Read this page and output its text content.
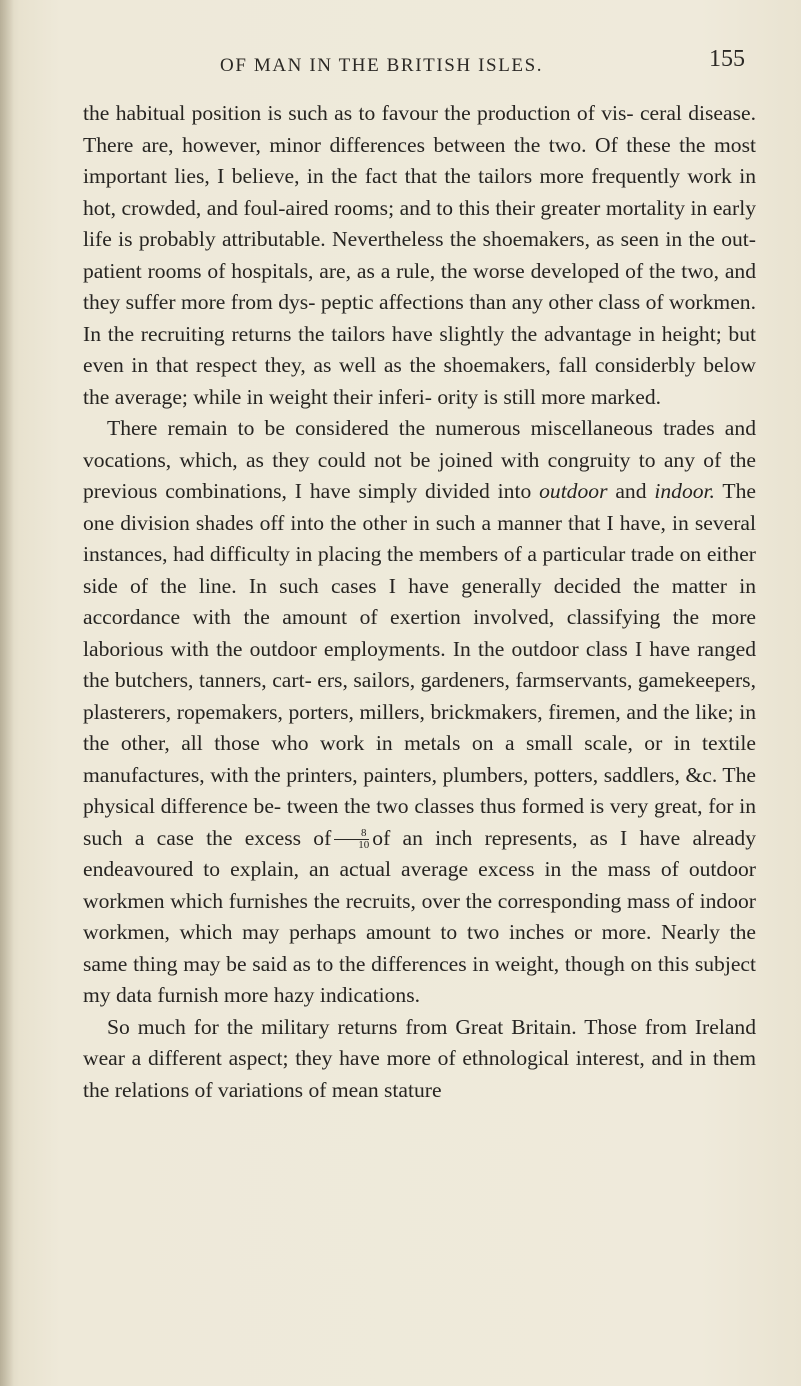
OF MAN IN THE BRITISH ISLES.	155

the habitual position is such as to favour the production of vis- ceral disease. There are, however, minor differences between the two. Of these the most important lies, I believe, in the fact that the tailors more frequently work in hot, crowded, and foul-aired rooms; and to this their greater mortality in early life is probably attributable. Nevertheless the shoemakers, as seen in the out-patient rooms of hospitals, are, as a rule, the worse developed of the two, and they suffer more from dys- peptic affections than any other class of workmen. In the recruiting returns the tailors have slightly the advantage in height; but even in that respect they, as well as the shoemakers, fall considerbly below the average; while in weight their inferi- ority is still more marked.

There remain to be considered the numerous miscellaneous trades and vocations, which, as they could not be joined with congruity to any of the previous combinations, I have simply divided into outdoor and indoor. The one division shades off into the other in such a manner that I have, in several instances, had difficulty in placing the members of a particular trade on either side of the line. In such cases I have generally decided the matter in accordance with the amount of exertion involved, classifying the more laborious with the outdoor employments. In the outdoor class I have ranged the butchers, tanners, cart- ers, sailors, gardeners, farmservants, gamekeepers, plasterers, ropemakers, porters, millers, brickmakers, firemen, and the like; in the other, all those who work in metals on a small scale, or in textile manufactures, with the printers, painters, plumbers, potters, saddlers, &c. The physical difference be- tween the two classes thus formed is very great, for in such a case the excess of $\frac{8}{10}$ of an inch represents, as I have already endeavoured to explain, an actual average excess in the mass of outdoor workmen which furnishes the recruits, over the corresponding mass of indoor workmen, which may perhaps amount to two inches or more. Nearly the same thing may be said as to the differences in weight, though on this subject my data furnish more hazy indications.

So much for the military returns from Great Britain. Those from Ireland wear a different aspect; they have more of ethnological interest, and in them the relations of variations of mean stature
